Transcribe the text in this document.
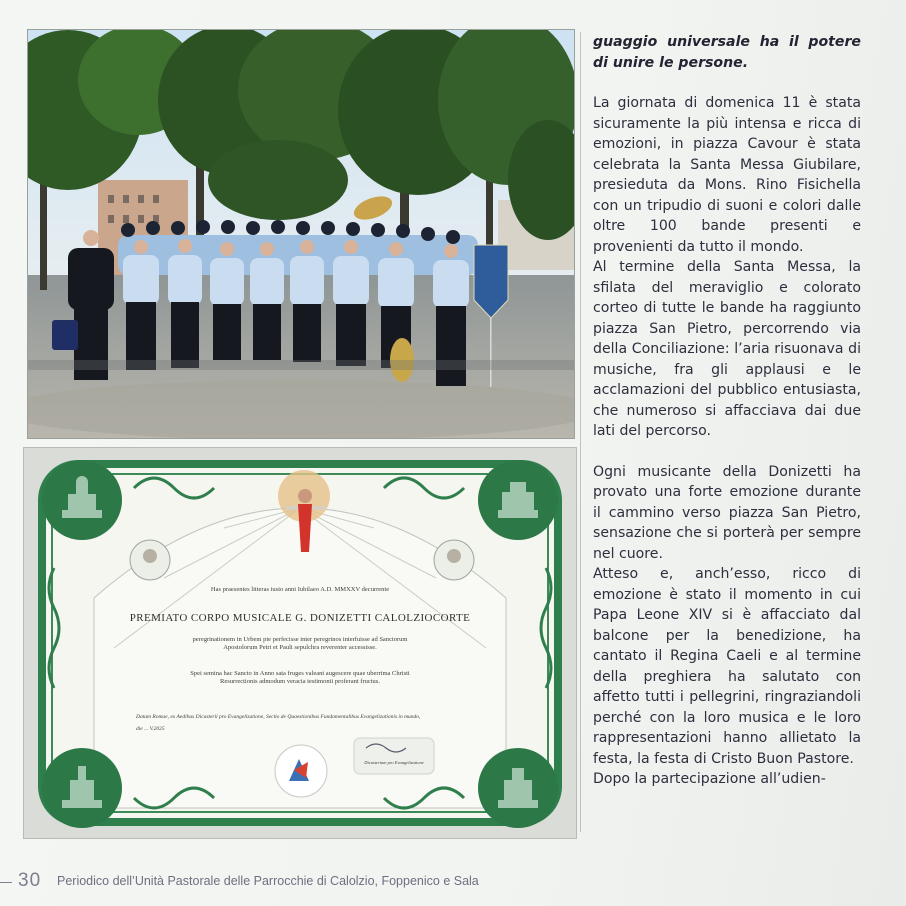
Has praesentes litteras iusto anni Iubilaeo A.D. MMXXV decurrente
PREMIATO CORPO MUSICALE G. DONIZETTI CALOLZIOCORTE
peregrinationem in Urbem pie perfecisse inter peregrinos interfuisse ad Sanctorum Apostolorum Petri et Pauli sepulchra reverenter accessisse.
Spei semina hac Sancto in Anno sata fruges valeant augescere quae uberrima Christi Resurrectionis admodum veracia testimonii proferant fructus.
Datum Romae, ex Aedibus Dicasterii pro Evangelizatione, Sectio de Quaestionibus Fundamentalibus Evangelizationis in mundo,
die ... V.2025
Dicasterium pro Evangelizatione

guaggio universale ha il potere di unire le persone.

La giornata di domenica 11 è stata sicuramente la più intensa e ricca di emozioni, in piazza Cavour è stata celebrata la Santa Messa Giubilare, presieduta da Mons. Rino Fisichella con un tripudio di suoni e colori dalle oltre 100 bande presenti e provenienti da tutto il mondo.

Al termine della Santa Messa, la sfilata del meraviglio e colorato corteo di tutte le bande ha raggiunto piazza San Pietro, percorrendo via della Conciliazione: l’aria risuonava di musiche, fra gli applausi e le acclamazioni del pubblico entusiasta, che numeroso si affacciava dai due lati del percorso.

Ogni musicante della Donizetti ha provato una forte emozione durante il cammino verso piazza San Pietro, sensazione che si porterà per sempre nel cuore.

Atteso e, anch’esso, ricco di emozione è stato il momento in cui Papa Leone XIV si è affacciato dal balcone per la benedizione, ha cantato il Regina Caeli e al termine della preghiera ha salutato con affetto tutti i pellegrini, ringraziandoli perché con la loro musica e le loro rappresentazioni hanno allietato la festa, la festa di Cristo Buon Pastore.

Dopo la partecipazione all’udien-

30 Periodico dell’Unità Pastorale delle Parrocchie di Calolzio, Foppenico e Sala
